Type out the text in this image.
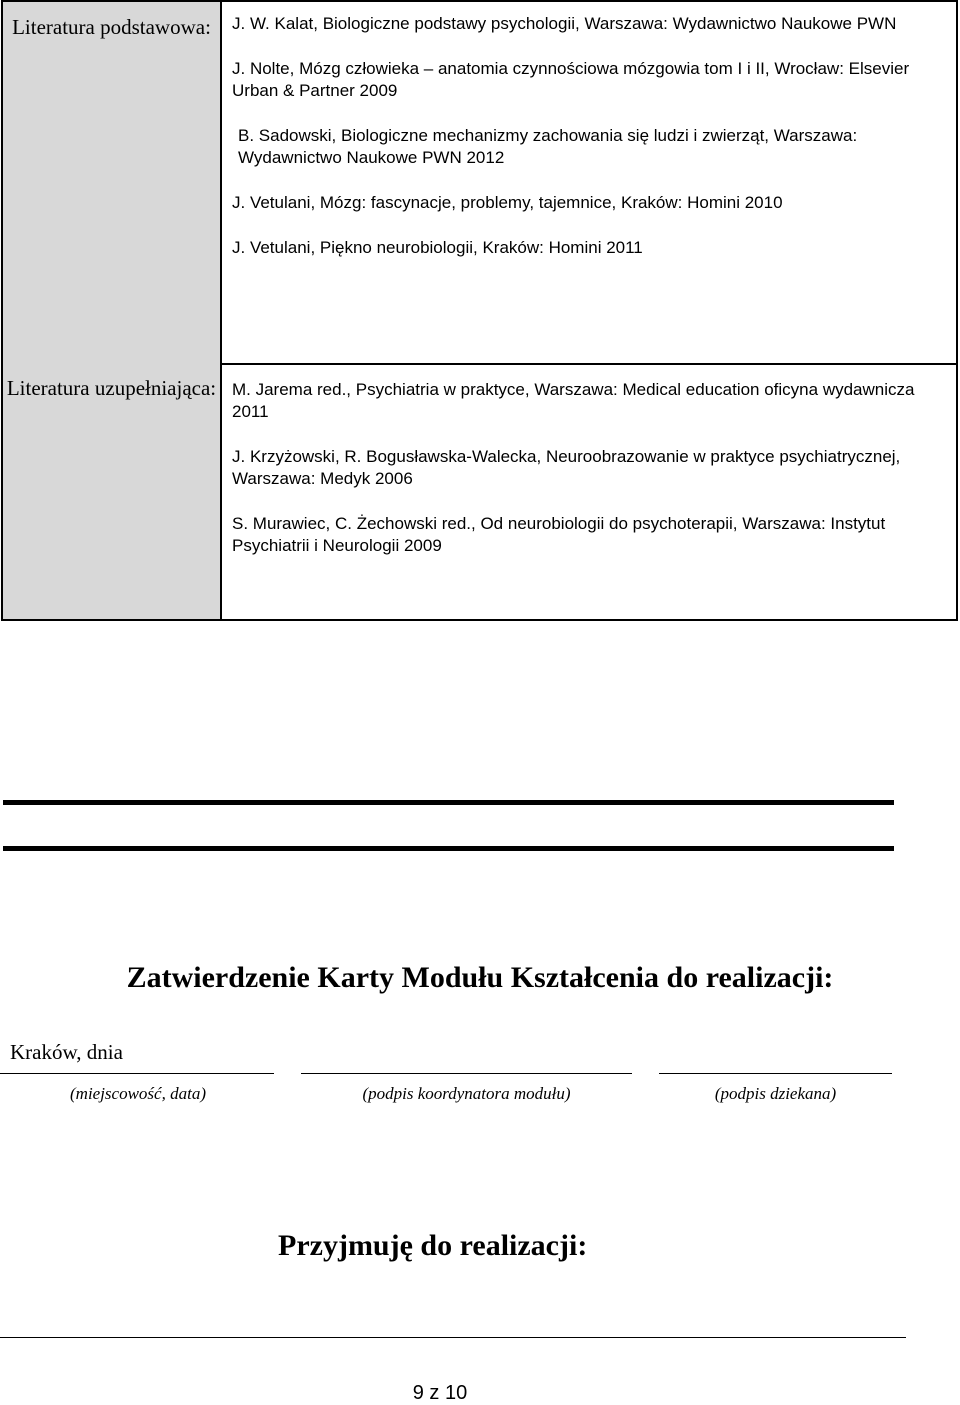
Literatura podstawowa:	J. W. Kalat, Biologiczne podstawy psychologii, Warszawa: Wydawnictwo Naukowe PWN

J. Nolte, Mózg człowieka – anatomia czynnościowa mózgowia tom I i II, Wrocław: Elsevier Urban & Partner 2009

B. Sadowski, Biologiczne mechanizmy zachowania się ludzi i zwierząt, Warszawa: Wydawnictwo Naukowe PWN 2012

J. Vetulani, Mózg: fascynacje, problemy, tajemnice, Kraków: Homini 2010

J. Vetulani, Piękno neurobiologii, Kraków: Homini 2011

Literatura uzupełniająca: M. Jarema red., Psychiatria w praktyce, Warszawa: Medical education oficyna wydawnicza 2011

J. Krzyżowski, R. Bogusławska-Walecka, Neuroobrazowanie w praktyce psychiatrycznej, Warszawa: Medyk 2006

S. Murawiec, C. Żechowski red., Od neurobiologii do psychoterapii, Warszawa: Instytut Psychiatrii i Neurologii 2009

Zatwierdzenie Karty Modułu Kształcenia do realizacji:
Kraków, dnia
(miejscowość, data)	(podpis koordynatora modułu)	(podpis dziekana)
Przyjmuję do realizacji:
9 z 10
